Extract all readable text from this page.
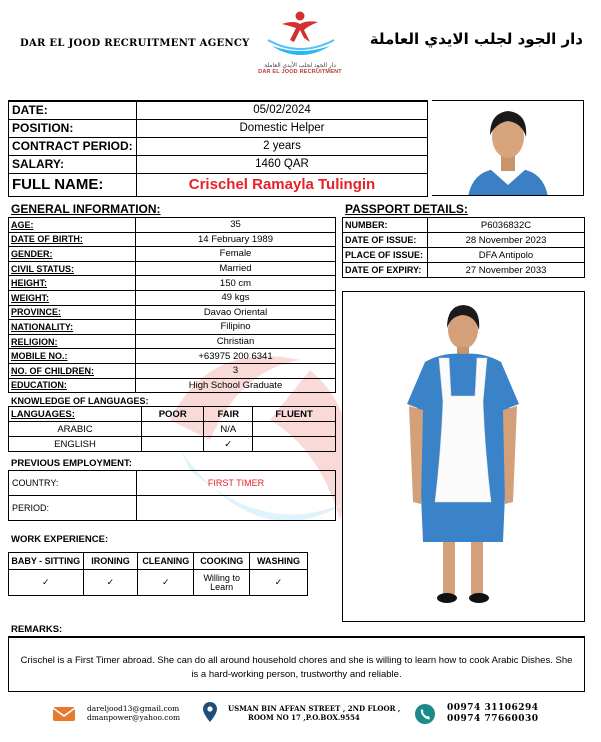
DAR EL JOOD RECRUITMENT AGENCY
دار الجود لجلب الأيدي العاملة
DAR EL JOOD RECRUITMENT
دار الجود لجلب الايدي العاملة
DATE:	05/02/2024
POSITION:	Domestic Helper
CONTRACT PERIOD:	2 years
SALARY:	1460 QAR
FULL NAME:	Crischel Ramayla Tulingin
GENERAL INFORMATION:
AGE:	35
DATE OF BIRTH:	14 February 1989
GENDER:	Female
CIVIL STATUS:	Married
HEIGHT:	150 cm
WEIGHT:	49 kgs
PROVINCE:	Davao Oriental
NATIONALITY:	Filipino
RELIGION:	Christian
MOBILE NO.:	+63975 200 6341
NO. OF CHILDREN:	3
EDUCATION:	High School Graduate
PASSPORT DETAILS:
NUMBER:	P6036832C
DATE OF ISSUE:	28 November 2023
PLACE OF ISSUE:	DFA Antipolo
DATE OF EXPIRY:	27 November 2033
KNOWLEDGE OF LANGUAGES:
LANGUAGES:	POOR	FAIR	FLUENT
ARABIC		N/A	
ENGLISH		✓	
PREVIOUS EMPLOYMENT:
COUNTRY:	FIRST TIMER
PERIOD:	
WORK EXPERIENCE:
BABY - SITTING	IRONING	CLEANING	COOKING	WASHING
✓	✓	✓	Willing to Learn	✓
REMARKS:
Crischel is a First Timer abroad. She can do all around household chores and she is willing to learn how to cook Arabic Dishes. She is a hard-working person, trustworthy and reliable.
dareljood13@gmail.com
dmanpower@yahoo.com
USMAN BIN AFFAN STREET , 2ND FLOOR ,
ROOM NO 17 ,P.O.BOX.9554
00974 31106294
00974 77660030
